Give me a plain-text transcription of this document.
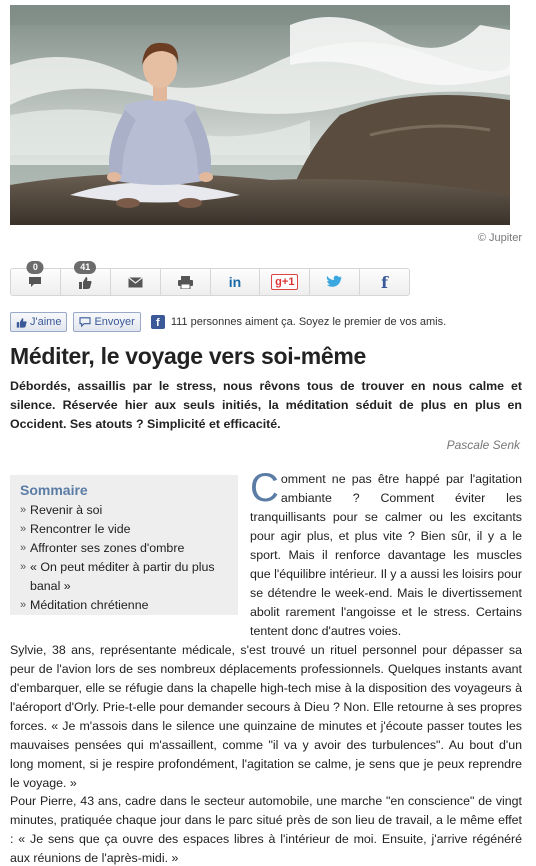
© Jupiter
0	41
in	g+1	f
J'aime	Envoyer	f	111 personnes aiment ça. Soyez le premier de vos amis.
Méditer, le voyage vers soi-même

Débordés, assaillis par le stress, nous rêvons tous de trouver en nous calme et silence. Réservée hier aux seuls initiés, la méditation séduit de plus en plus en Occident. Ses atouts ? Simplicité et efficacité.

Pascale Senk
Sommaire
» Revenir à soi
» Rencontrer le vide
» Affronter ses zones d'ombre
» « On peut méditer à partir du plus banal »
» Méditation chrétienne
Comment ne pas être happé par l'agitation ambiante ? Comment éviter les tranquillisants pour se calmer ou les excitants pour agir plus, et plus vite ? Bien sûr, il y a le sport. Mais il renforce davantage les muscles que l'équilibre intérieur. Il y a aussi les loisirs pour se détendre le week-end. Mais le divertissement abolit rarement l'angoisse et le stress. Certains tentent donc d'autres voies.

Sylvie, 38 ans, représentante médicale, s'est trouvé un rituel personnel pour dépasser sa peur de l'avion lors de ses nombreux déplacements professionnels. Quelques instants avant d'embarquer, elle se réfugie dans la chapelle high-tech mise à la disposition des voyageurs à l'aéroport d'Orly. Prie-t-elle pour demander secours à Dieu ? Non. Elle retourne à ses propres forces. « Je m'assois dans le silence une quinzaine de minutes et j'écoute passer toutes les mauvaises pensées qui m'assaillent, comme "il va y avoir des turbulences". Au bout d'un long moment, si je respire profondément, l'agitation se calme, je sens que je peux reprendre le voyage. »

Pour Pierre, 43 ans, cadre dans le secteur automobile, une marche "en conscience" de vingt minutes, pratiquée chaque jour dans le parc situé près de son lieu de travail, a le même effet : « Je sens que ça ouvre des espaces libres à l'intérieur de moi. Ensuite, j'arrive régénéré aux réunions de l'après-midi. »
